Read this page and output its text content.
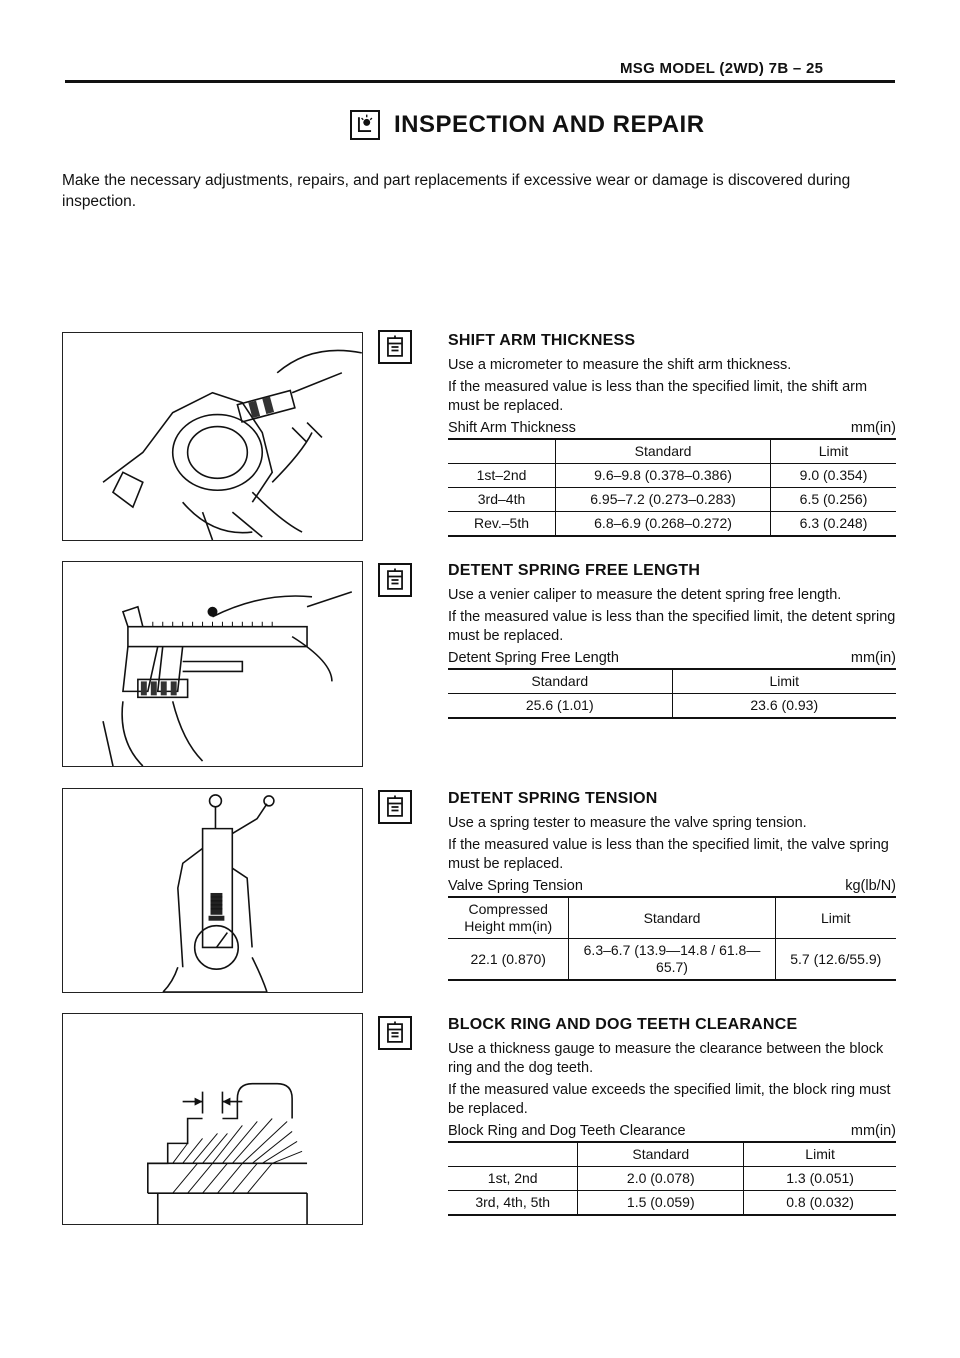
MSG MODEL (2WD) 7B – 25
INSPECTION AND REPAIR
Make the necessary adjustments, repairs, and part replacements if excessive wear or damage is discovered during inspection.
SHIFT ARM THICKNESS
Use a micrometer to measure the shift arm thickness.
If the measured value is less than the specified limit, the shift arm must be replaced.
Shift Arm Thickness	mm(in)
	Standard	Limit
1st–2nd	9.6–9.8 (0.378–0.386)	9.0 (0.354)
3rd–4th	6.95–7.2 (0.273–0.283)	6.5 (0.256)
Rev.–5th	6.8–6.9 (0.268–0.272)	6.3 (0.248)
DETENT SPRING FREE LENGTH
Use a venier caliper to measure the detent spring free length.
If the measured value is less than the specified limit, the detent spring must be replaced.
Detent Spring Free Length	mm(in)
Standard	Limit
25.6 (1.01)	23.6 (0.93)
DETENT SPRING TENSION
Use a spring tester to measure the valve spring tension.
If the measured value is less than the specified limit, the valve spring must be replaced.
Valve Spring Tension	kg(lb/N)
Compressed Height mm(in)	Standard	Limit
22.1 (0.870)	6.3–6.7 (13.9—14.8 / 61.8—65.7)	5.7 (12.6/55.9)
BLOCK RING AND DOG TEETH CLEARANCE
Use a thickness gauge to measure the clearance between the block ring and the dog teeth.
If the measured value exceeds the specified limit, the block ring must be replaced.
Block Ring and Dog Teeth Clearance	mm(in)
	Standard	Limit
1st, 2nd	2.0 (0.078)	1.3 (0.051)
3rd, 4th, 5th	1.5 (0.059)	0.8 (0.032)
